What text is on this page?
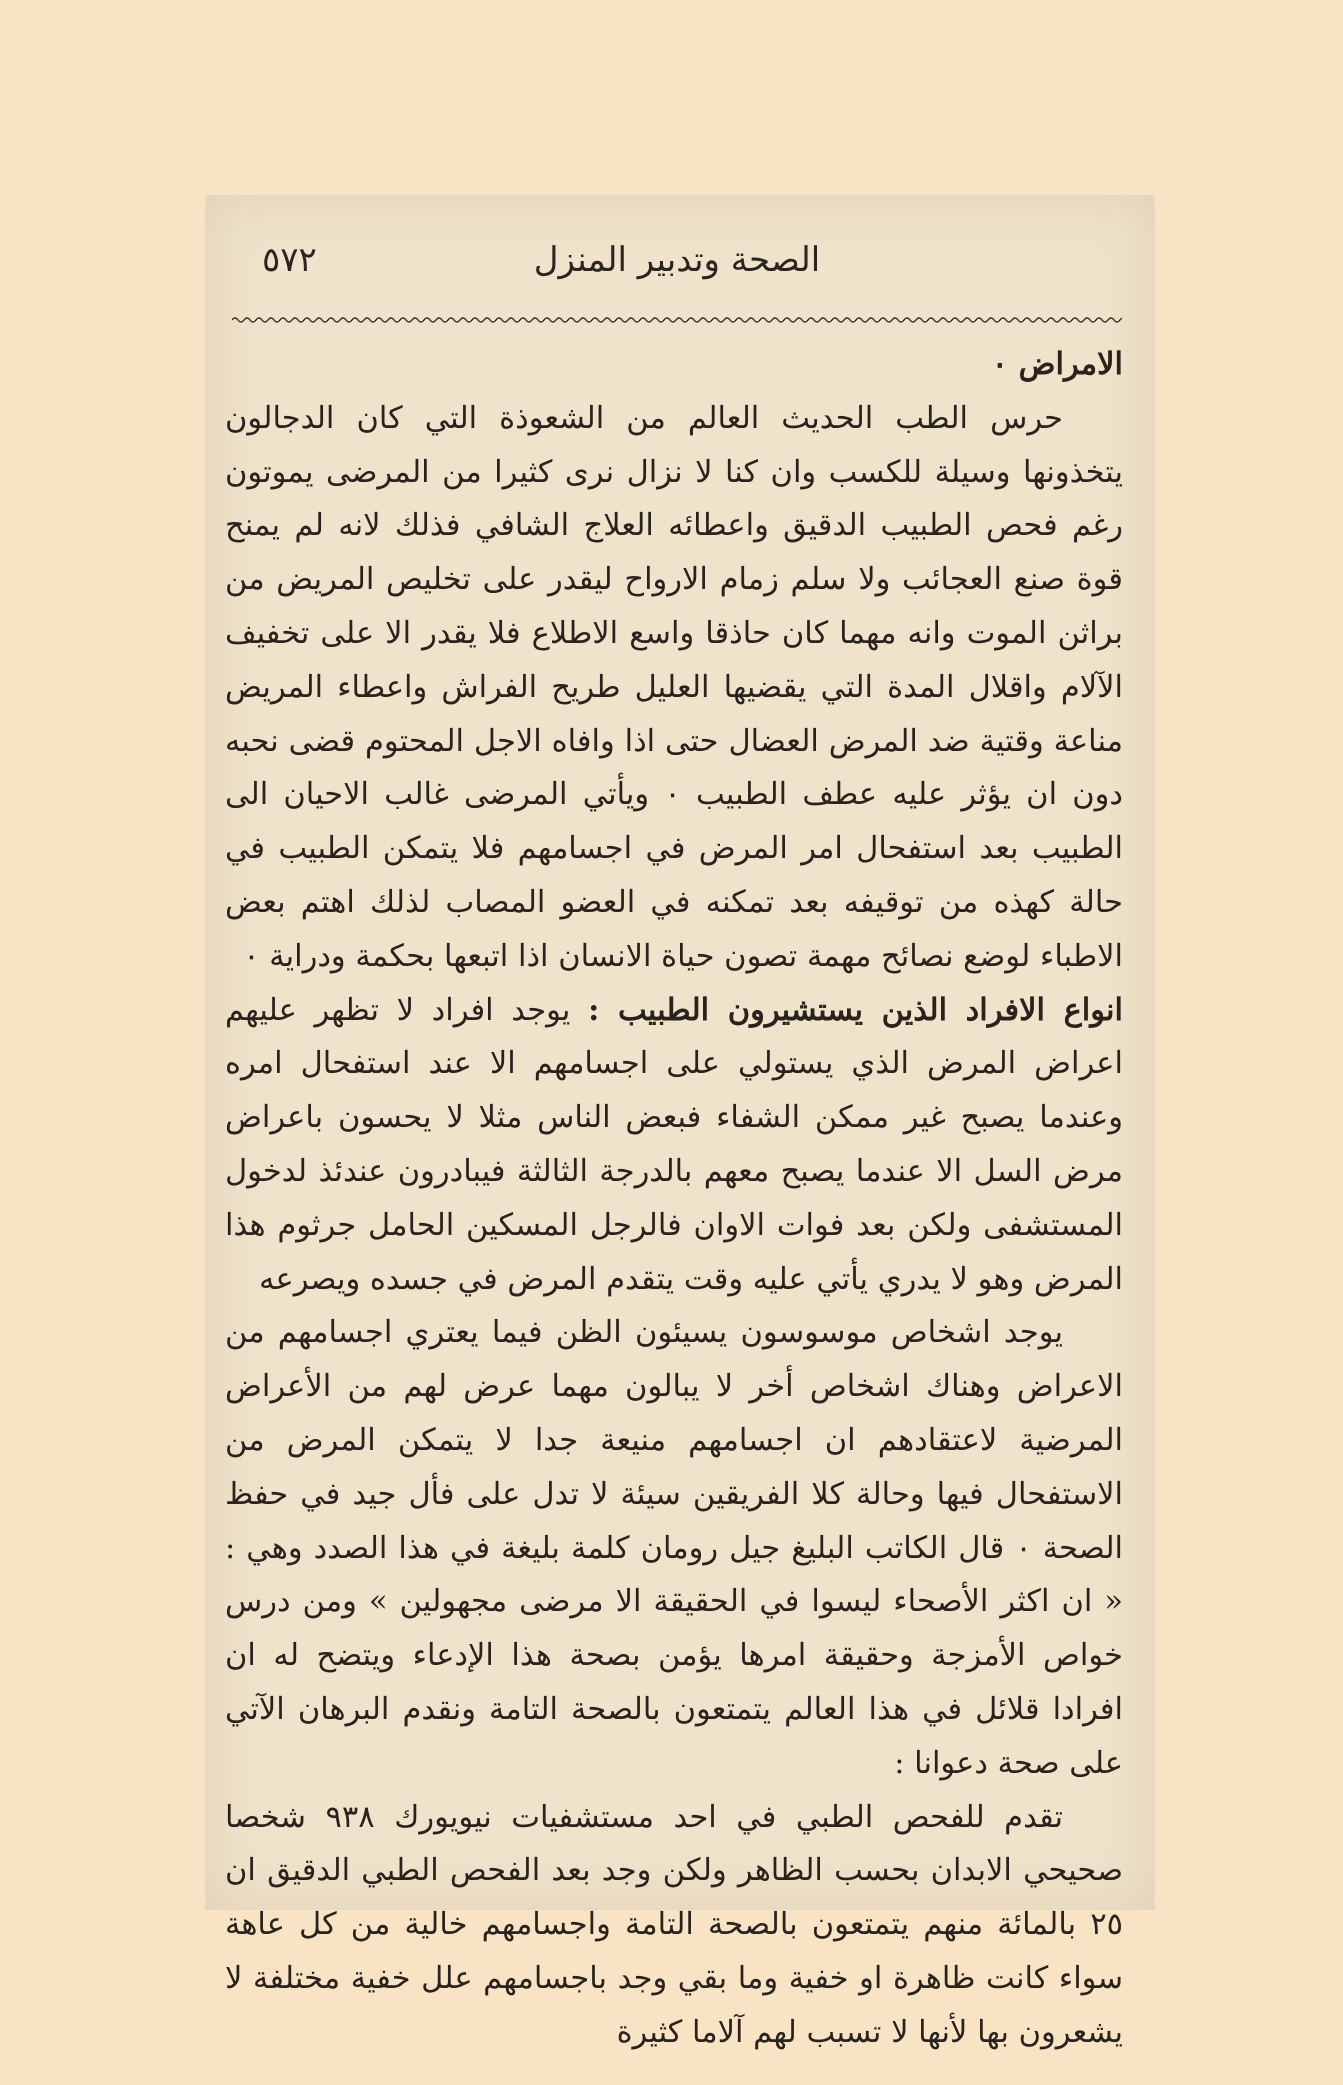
الصحة وتدبير المنزل
٥٧٢

الامراض ٠

حرس الطب الحديث العالم من الشعوذة التي كان الدجالون يتخذونها وسيلة للكسب وان كنا لا نزال نرى كثيرا من المرضى يموتون رغم فحص الطبيب الدقيق واعطائه العلاج الشافي فذلك لانه لم يمنح قوة صنع العجائب ولا سلم زمام الارواح ليقدر على تخليص المريض من براثن الموت وانه مهما كان حاذقا واسع الاطلاع فلا يقدر الا على تخفيف الآلام واقلال المدة التي يقضيها العليل طريح الفراش واعطاء المريض مناعة وقتية ضد المرض العضال حتى اذا وافاه الاجل المحتوم قضى نحبه دون ان يؤثر عليه عطف الطبيب ٠ ويأتي المرضى غالب الاحيان الى الطبيب بعد استفحال امر المرض في اجسامهم فلا يتمكن الطبيب في حالة كهذه من توقيفه بعد تمكنه في العضو المصاب لذلك اهتم بعض الاطباء لوضع نصائح مهمة تصون حياة الانسان اذا اتبعها بحكمة ودراية ٠

انواع الافراد الذين يستشيرون الطبيب : يوجد افراد لا تظهر عليهم اعراض المرض الذي يستولي على اجسامهم الا عند استفحال امره وعندما يصبح غير ممكن الشفاء فبعض الناس مثلا لا يحسون باعراض مرض السل الا عندما يصبح معهم بالدرجة الثالثة فيبادرون عندئذ لدخول المستشفى ولكن بعد فوات الاوان فالرجل المسكين الحامل جرثوم هذا المرض وهو لا يدري يأتي عليه وقت يتقدم المرض في جسده ويصرعه

يوجد اشخاص موسوسون يسيئون الظن فيما يعتري اجسامهم من الاعراض وهناك اشخاص أخر لا يبالون مهما عرض لهم من الأعراض المرضية لاعتقادهم ان اجسامهم منيعة جدا لا يتمكن المرض من الاستفحال فيها وحالة كلا الفريقين سيئة لا تدل على فأل جيد في حفظ الصحة ٠ قال الكاتب البليغ جيل رومان كلمة بليغة في هذا الصدد وهي : « ان اكثر الأصحاء ليسوا في الحقيقة الا مرضى مجهولين » ومن درس خواص الأمزجة وحقيقة امرها يؤمن بصحة هذا الإدعاء ويتضح له ان افرادا قلائل في هذا العالم يتمتعون بالصحة التامة ونقدم البرهان الآتي على صحة دعوانا :

تقدم للفحص الطبي في احد مستشفيات نيويورك ٩٣٨ شخصا صحيحي الابدان بحسب الظاهر ولكن وجد بعد الفحص الطبي الدقيق ان ٢٥ بالمائة منهم يتمتعون بالصحة التامة واجسامهم خالية من كل عاهة سواء كانت ظاهرة او خفية وما بقي وجد باجسامهم علل خفية مختلفة لا يشعرون بها لأنها لا تسبب لهم آلاما كثيرة
